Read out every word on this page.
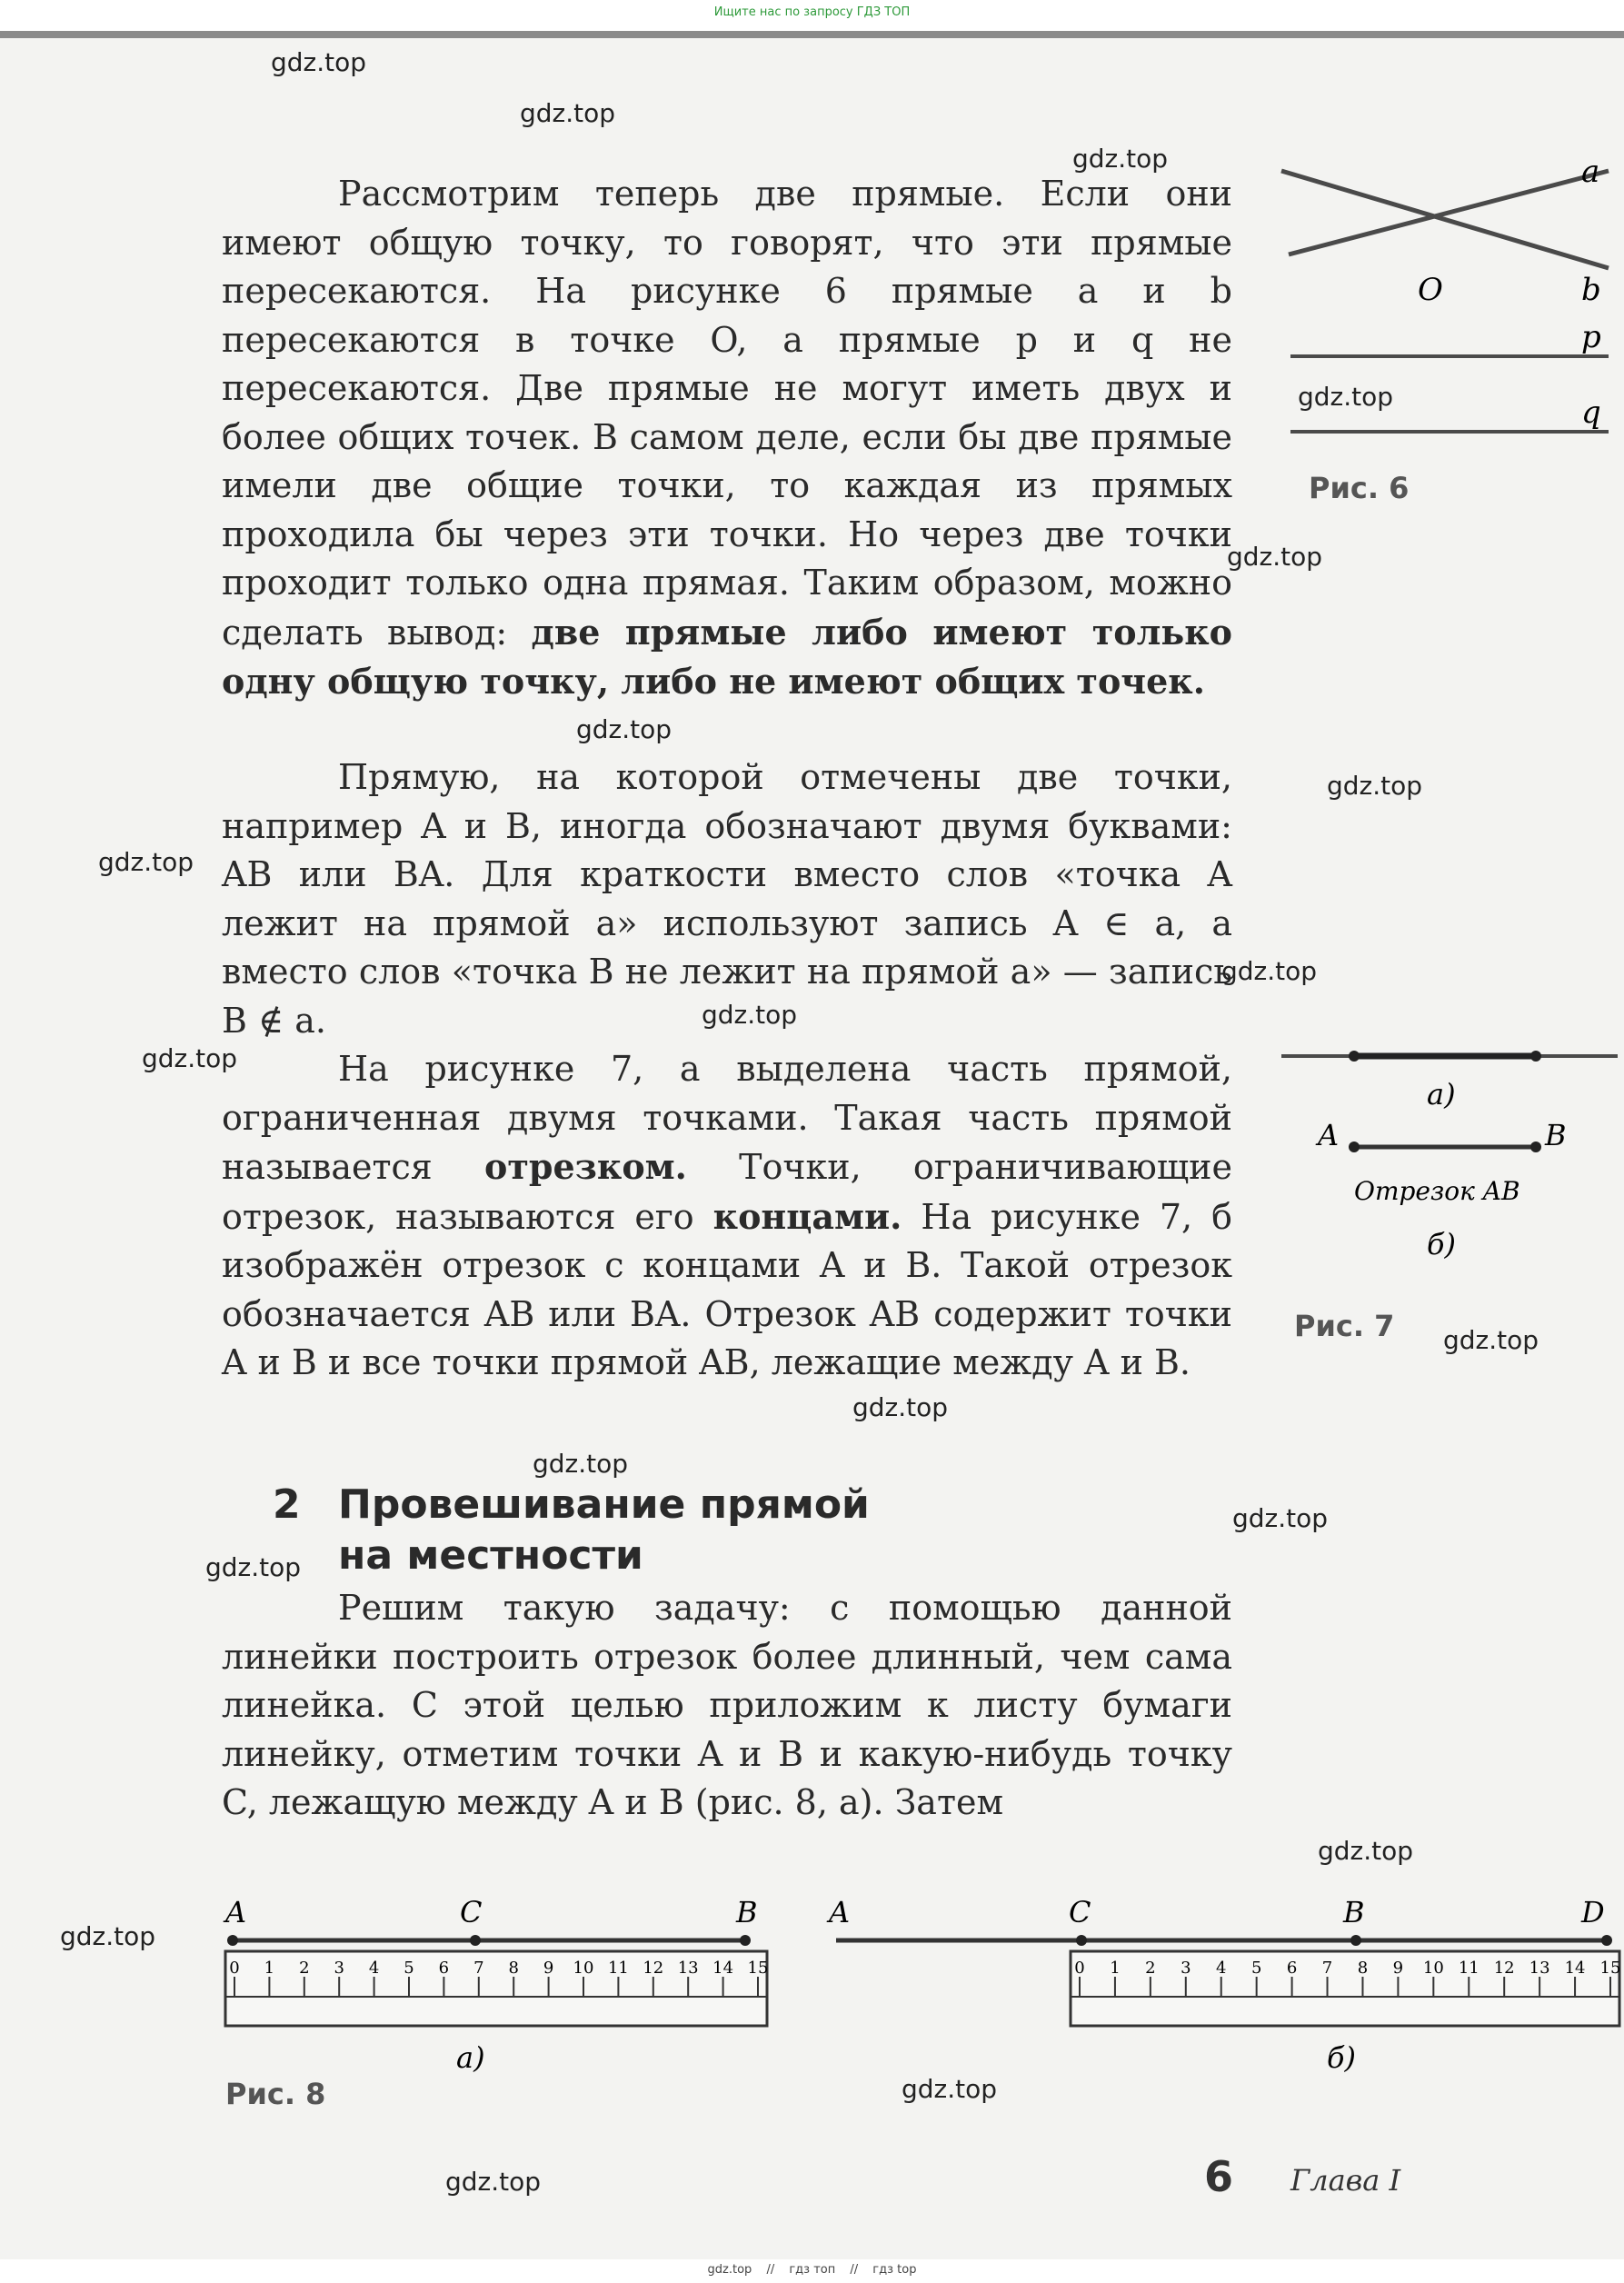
Ищите нас по запросу ГДЗ ТОП

Рассмотрим теперь две прямые. Если они имеют общую точку, то говорят, что эти прямые пересекаются. На рисунке 6 прямые a и b пересекаются в точке O, а прямые p и q не пересекаются. Две прямые не могут иметь двух и более общих точек. В самом деле, если бы две прямые имели две общие точки, то каждая из прямых проходила бы через эти точки. Но через две точки проходит только одна прямая. Таким образом, можно сделать вывод: две прямые либо имеют только одну общую точку, либо не имеют общих точек.

Прямую, на которой отмечены две точки, например A и B, иногда обозначают двумя буквами: AB или BA. Для краткости вместо слов «точка A лежит на прямой a» используют запись A ∈ a, а вместо слов «точка B не лежит на прямой a» — запись B ∉ a.

На рисунке 7, a выделена часть прямой, ограниченная двумя точками. Такая часть прямой называется отрезком. Точки, ограничивающие отрезок, называются его концами. На рисунке 7, б изображён отрезок с концами A и B. Такой отрезок обозначается AB или BA. Отрезок AB содержит точки A и B и все точки прямой AB, лежащие между A и B.

2 Провешивание прямой
на местности

Решим такую задачу: с помощью данной линейки построить отрезок более длинный, чем сама линейка. С этой целью приложим к листу бумаги линейку, отметим точки A и B и какую-нибудь точку C, лежащую между A и B (рис. 8, a). Затем

a
O	b
p
q
Рис. 6
a)
A	B
Отрезок AB
б)
Рис. 7
A	C	B
0 1 2 3 4 5 6 7 8 9 10 11 12 13 14 15
a)
A	C	B	D
0 1 2 3 4 5 6 7 8 9 10 11 12 13 14 15
б)
Рис. 8
6 Глава I
gdz.top
gdz.top
gdz.top
gdz.top
gdz.top
gdz.top
gdz.top
gdz.top
gdz.top
gdz.top
gdz.top
gdz.top
gdz.top
gdz.top
gdz.top
gdz.top
gdz.top
gdz.top
gdz.top
gdz.top
gdz.top // гдз топ // гдз top
